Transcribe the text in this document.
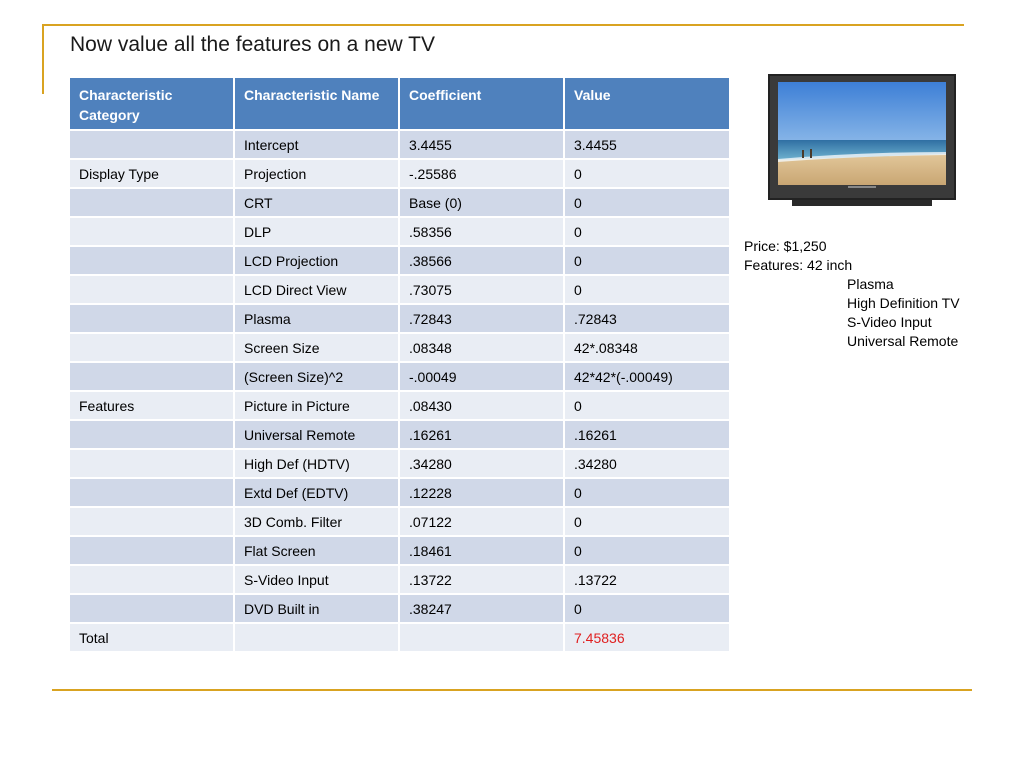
Now value all the features on a new TV
Characteristic Category	Characteristic Name	Coefficient	Value
	Intercept	3.4455	3.4455
Display Type	Projection	-.25586	0
	CRT	Base (0)	0
	DLP	.58356	0
	LCD Projection	.38566	0
	LCD Direct View	.73075	0
	Plasma	.72843	.72843
	Screen Size	.08348	42*.08348
	(Screen Size)^2	-.00049	42*42*(-.00049)
Features	Picture in Picture	.08430	0
	Universal Remote	.16261	.16261
	High Def (HDTV)	.34280	.34280
	Extd Def (EDTV)	.12228	0
	3D Comb. Filter	.07122	0
	Flat Screen	.18461	0
	S-Video Input	.13722	.13722
	DVD Built in	.38247	0
Total			7.45836
Price: $1,250
Features: 42 inch
Plasma
High Definition TV
S-Video Input
Universal Remote
